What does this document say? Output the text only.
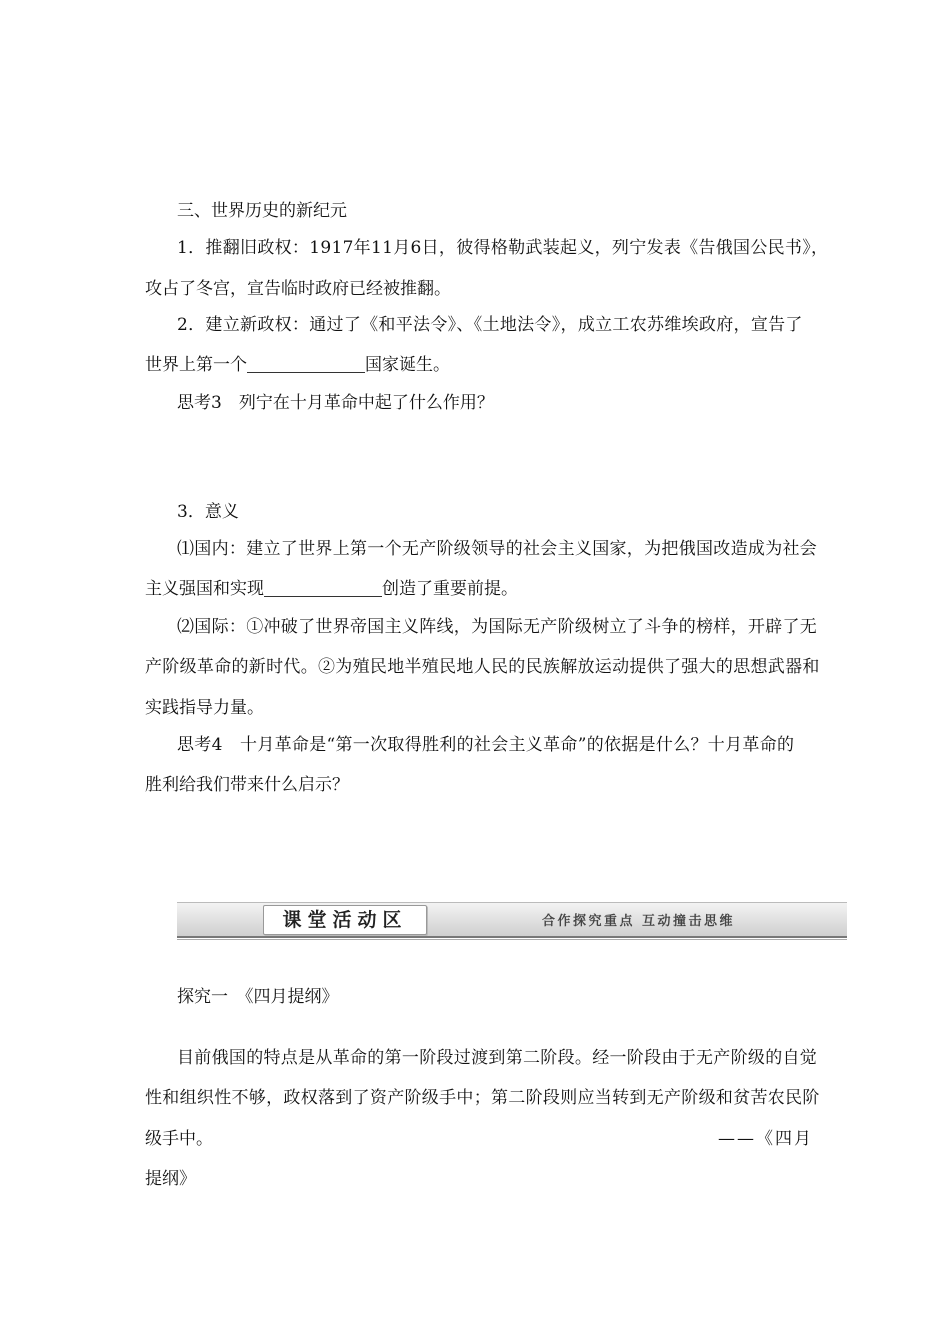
三、世界历史的新纪元
1．推翻旧政权：1917年11月6日，彼得格勒武装起义，列宁发表《告俄国公民书》，
攻占了冬宫，宣告临时政府已经被推翻。
2．建立新政权：通过了《和平法令》、《土地法令》，成立工农苏维埃政府，宣告了
世界上第一个	国家诞生。
思考3　列宁在十月革命中起了什么作用？
3．意义
⑴国内：建立了世界上第一个无产阶级领导的社会主义国家，为把俄国改造成为社会
主义强国和实现	创造了重要前提。
⑵国际：①冲破了世界帝国主义阵线，为国际无产阶级树立了斗争的榜样，开辟了无
产阶级革命的新时代。②为殖民地半殖民地人民的民族解放运动提供了强大的思想武器和
实践指导力量。
思考4　十月革命是“第一次取得胜利的社会主义革命”的依据是什么？十月革命的
胜利给我们带来什么启示？
课堂活动区	合作探究重点 互动撞击思维
探究一　《四月提纲》
目前俄国的特点是从革命的第一阶段过渡到第二阶段。经一阶段由于无产阶级的自觉
性和组织性不够，政权落到了资产阶级手中；第二阶段则应当转到无产阶级和贫苦农民阶
级手中。	——《四月
提纲》
